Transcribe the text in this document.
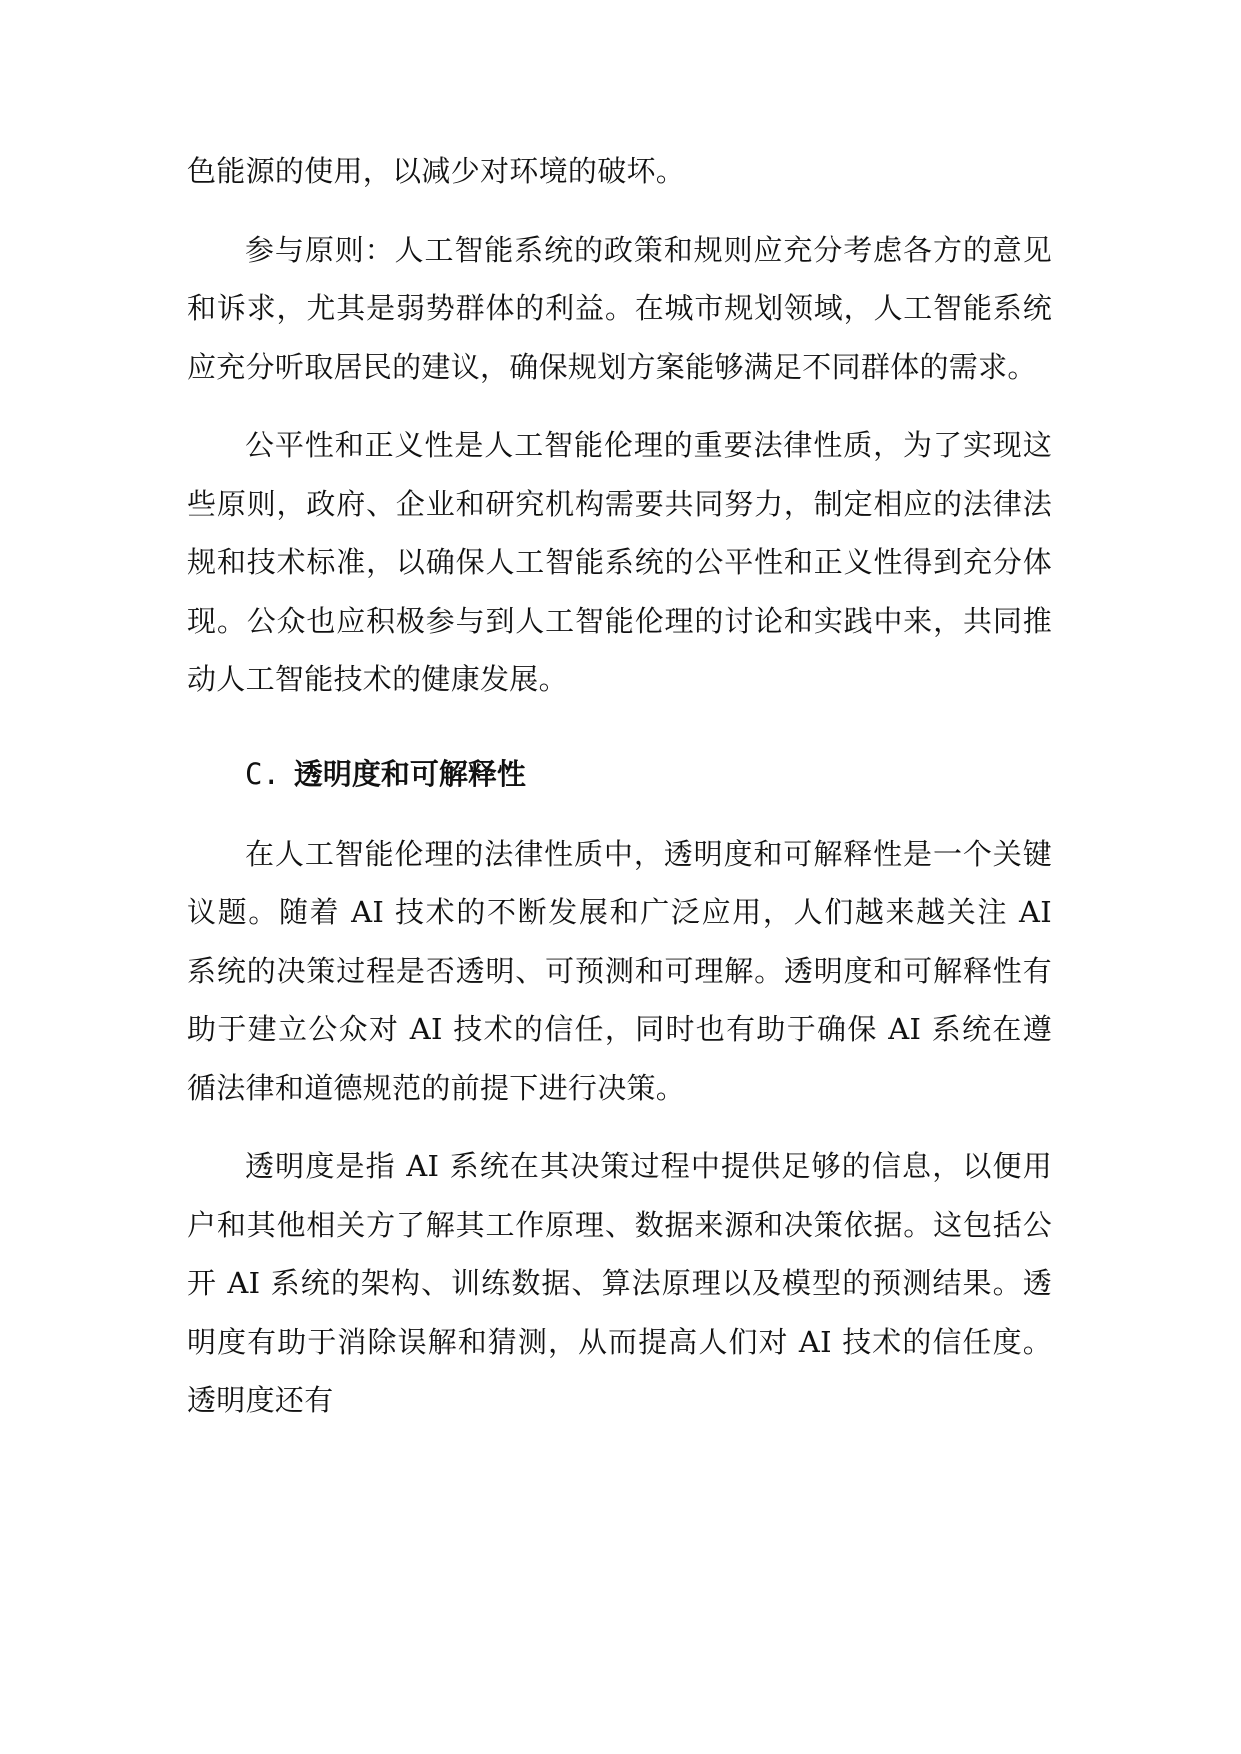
色能源的使用，以减少对环境的破坏。

参与原则：人工智能系统的政策和规则应充分考虑各方的意见和诉求，尤其是弱势群体的利益。在城市规划领域，人工智能系统应充分听取居民的建议，确保规划方案能够满足不同群体的需求。

公平性和正义性是人工智能伦理的重要法律性质，为了实现这些原则，政府、企业和研究机构需要共同努力，制定相应的法律法规和技术标准，以确保人工智能系统的公平性和正义性得到充分体现。公众也应积极参与到人工智能伦理的讨论和实践中来，共同推动人工智能技术的健康发展。

C. 透明度和可解释性

在人工智能伦理的法律性质中，透明度和可解释性是一个关键议题。随着 AI 技术的不断发展和广泛应用，人们越来越关注 AI 系统的决策过程是否透明、可预测和可理解。透明度和可解释性有助于建立公众对 AI 技术的信任，同时也有助于确保 AI 系统在遵循法律和道德规范的前提下进行决策。

透明度是指 AI 系统在其决策过程中提供足够的信息，以便用户和其他相关方了解其工作原理、数据来源和决策依据。这包括公开 AI 系统的架构、训练数据、算法原理以及模型的预测结果。透明度有助于消除误解和猜测，从而提高人们对 AI 技术的信任度。透明度还有
